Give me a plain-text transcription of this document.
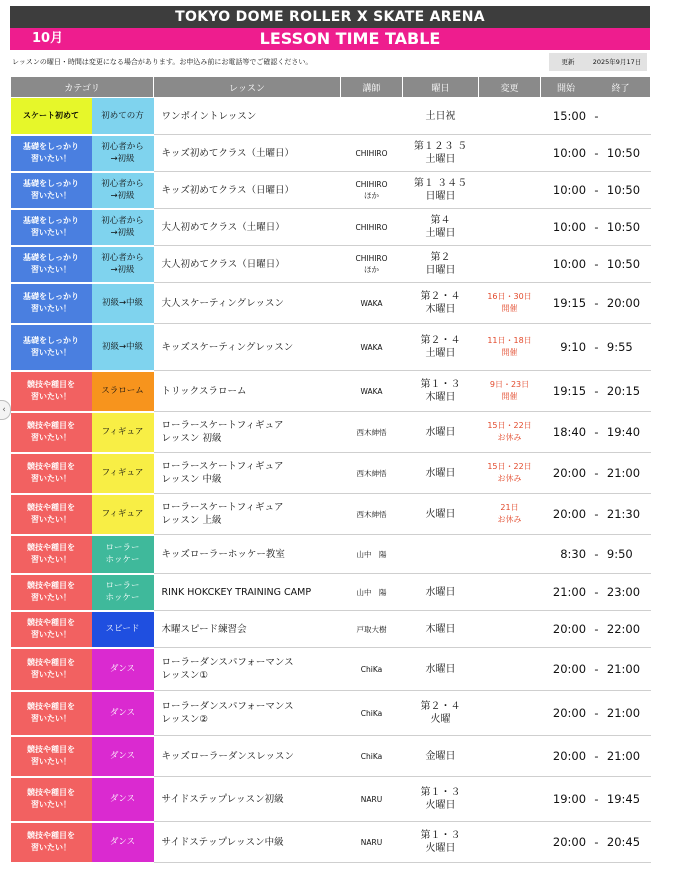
‹
TOKYO DOME ROLLER X SKATE ARENA
10月	LESSON TIME TABLE
レッスンの曜日・時間は変更になる場合があります。お申込み前にお電話等でご確認ください。	更新	2025年9月17日
カテゴリ		レッスン	講師	曜日	変更	開始 終了

スケート初めて	初めての方	ワンポイントレッスン		土日祝		15:00 -

基礎をしっかり
習いたい！	初心者から
→初級	キッズ初めてクラス（土曜日）	CHIHIRO	第１２３ ５
土曜日		10:00 - 10:50

基礎をしっかり
習いたい！	初心者から
→初級	キッズ初めてクラス（日曜日）	CHIHIRO
ほか	第１ ３４５
日曜日		10:00 - 10:50

基礎をしっかり
習いたい！	初心者から
→初級	大人初めてクラス（土曜日）	CHIHIRO	第４
土曜日		10:00 - 10:50

基礎をしっかり
習いたい！	初心者から
→初級	大人初めてクラス（日曜日）	CHIHIRO
ほか	第２
日曜日		10:00 - 10:50

基礎をしっかり
習いたい！	初級→中級	大人スケーティングレッスン	WAKA	第２・４
木曜日	16日・30日
開催	19:15 - 20:00

基礎をしっかり
習いたい！	初級→中級	キッズスケーティングレッスン	WAKA	第２・４
土曜日	11日・18日
開催	9:10 - 9:55

競技や種目を
習いたい！	スラローム	トリックスラローム	WAKA	第１・３
木曜日	9日・23日
開催	19:15 - 20:15

競技や種目を
習いたい！	フィギュア	ローラースケートフィギュア
レッスン 初級	西木紳悟	水曜日	15日・22日
お休み	18:40 - 19:40

競技や種目を
習いたい！	フィギュア	ローラースケートフィギュア
レッスン 中級	西木紳悟	水曜日	15日・22日
お休み	20:00 - 21:00

競技や種目を
習いたい！	フィギュア	ローラースケートフィギュア
レッスン 上級	西木紳悟	火曜日	21日
お休み	20:00 - 21:30

競技や種目を
習いたい！	ローラー
ホッケー	キッズローラーホッケー教室	山中　陽			8:30 - 9:50

競技や種目を
習いたい！	ローラー
ホッケー	RINK HOKCKEY TRAINING CAMP	山中　陽	水曜日		21:00 - 23:00

競技や種目を
習いたい！	スピード	木曜スピード練習会	戸取大樹	木曜日		20:00 - 22:00

競技や種目を
習いたい！	ダンス	ローラーダンスパフォーマンス
レッスン①	ChiKa	水曜日		20:00 - 21:00

競技や種目を
習いたい！	ダンス	ローラーダンスパフォーマンス
レッスン②	ChiKa	第２・４
火曜		20:00 - 21:00

競技や種目を
習いたい！	ダンス	キッズローラーダンスレッスン	ChiKa	金曜日		20:00 - 21:00

競技や種目を
習いたい！	ダンス	サイドステップレッスン初級	NARU	第１・３
火曜日		19:00 - 19:45

競技や種目を
習いたい！	ダンス	サイドステップレッスン中級	NARU	第１・３
火曜日		20:00 - 20:45
